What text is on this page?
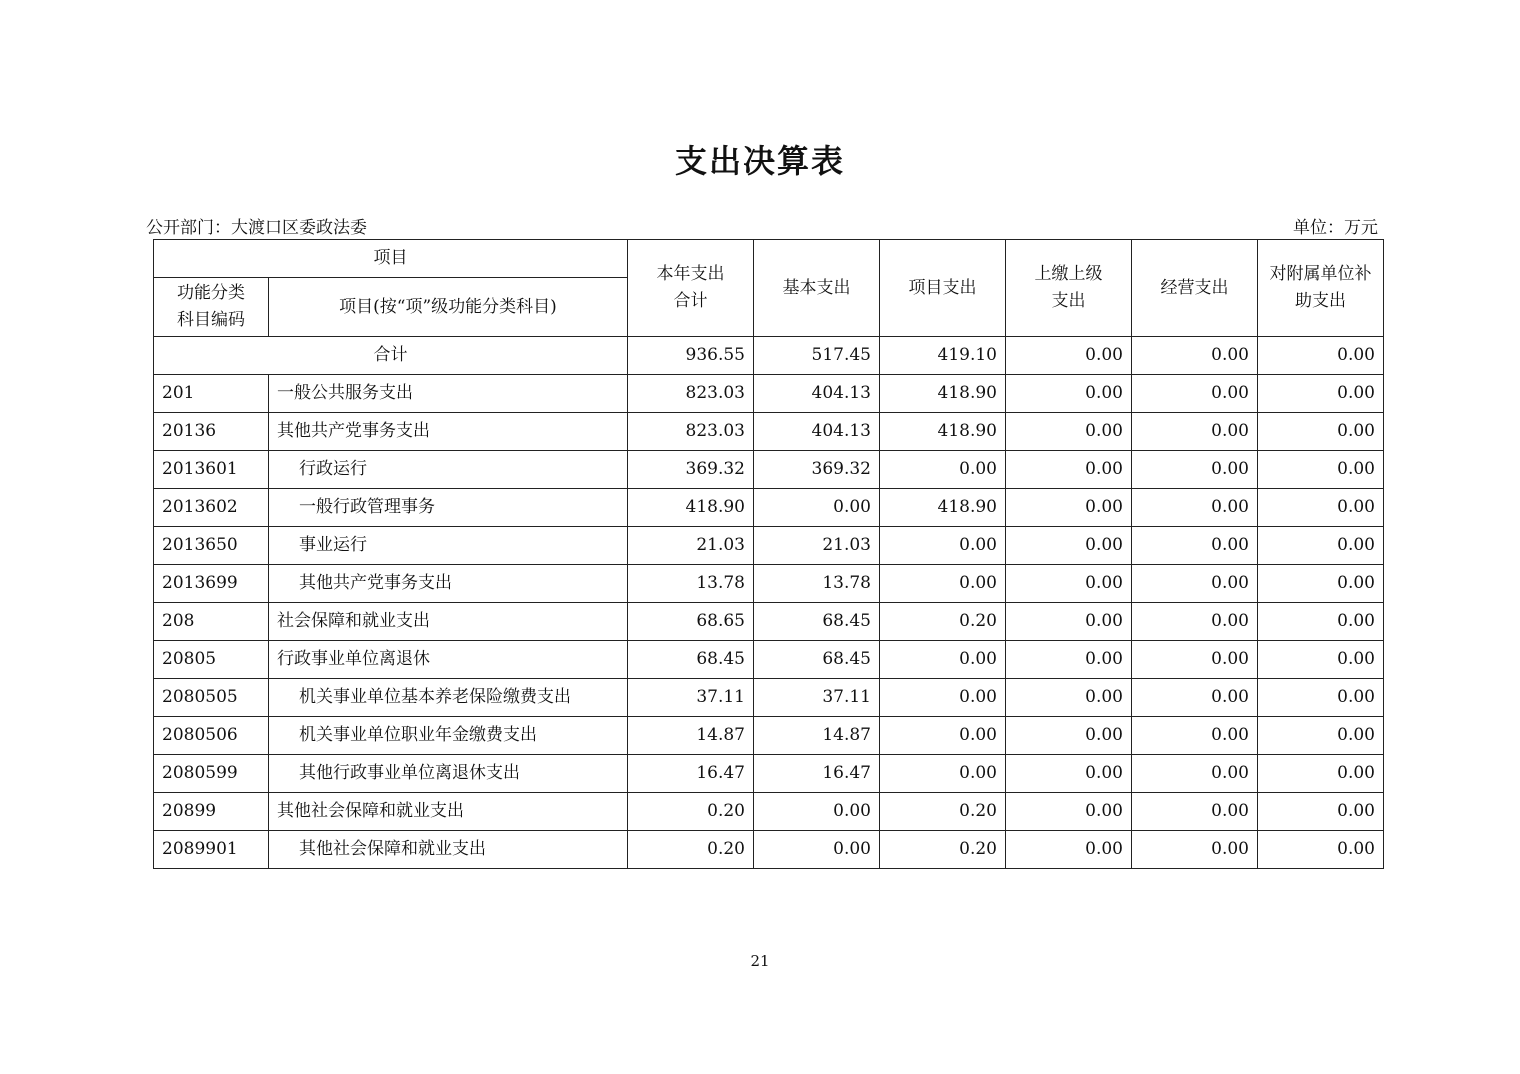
支出决算表
公开部门：大渡口区委政法委	单位：万元
项目		本年支出合计	基本支出	项目支出	上缴上级支出	经营支出	对附属单位补助支出
功能分类科目编码	项目(按“项”级功能分类科目)						
合计		936.55	517.45	419.10	0.00	0.00	0.00
201	一般公共服务支出	823.03	404.13	418.90	0.00	0.00	0.00
20136	其他共产党事务支出	823.03	404.13	418.90	0.00	0.00	0.00
2013601	行政运行	369.32	369.32	0.00	0.00	0.00	0.00
2013602	一般行政管理事务	418.90	0.00	418.90	0.00	0.00	0.00
2013650	事业运行	21.03	21.03	0.00	0.00	0.00	0.00
2013699	其他共产党事务支出	13.78	13.78	0.00	0.00	0.00	0.00
208	社会保障和就业支出	68.65	68.45	0.20	0.00	0.00	0.00
20805	行政事业单位离退休	68.45	68.45	0.00	0.00	0.00	0.00
2080505	机关事业单位基本养老保险缴费支出	37.11	37.11	0.00	0.00	0.00	0.00
2080506	机关事业单位职业年金缴费支出	14.87	14.87	0.00	0.00	0.00	0.00
2080599	其他行政事业单位离退休支出	16.47	16.47	0.00	0.00	0.00	0.00
20899	其他社会保障和就业支出	0.20	0.00	0.20	0.00	0.00	0.00
2089901	其他社会保障和就业支出	0.20	0.00	0.20	0.00	0.00	0.00
21
